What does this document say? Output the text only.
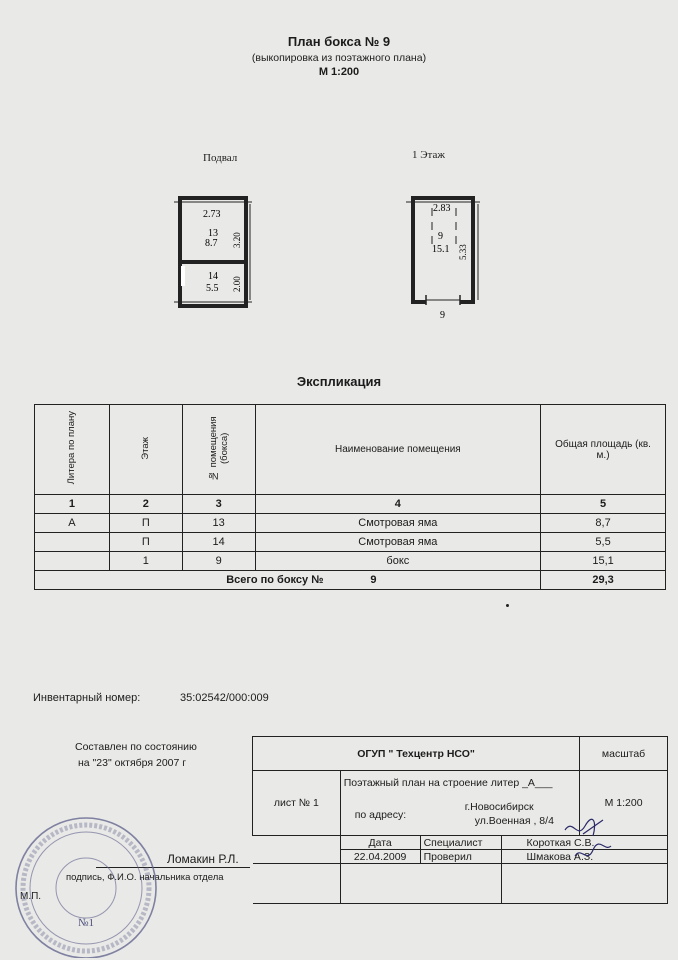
План бокса № 9
(выкопировка из поэтажного плана)
М 1:200
Подвал
2.73
13
8.7 3.20
14
5.5 2.00
1 Этаж
2.83
9
15.1 5.33
9
Экспликация
Литера по плану	Этаж	№ помещения (бокса)	Наименование помещения	Общая площадь (кв. м.)
1	2	3	4	5
А	П	13	Смотровая яма	8,7
	П	14	Смотровая яма	5,5
	1	9	бокс	15,1
		Всего по боксу № 9		29,3
Инвентарный номер:	35:02542/000:009
Составлен по состоянию
на "23" октября 2007 г
ОГУП " Техцентр НСО"				масштаб
лист № 1	Поэтажный план на строение литер _А___
по адресу:
г.Новосибирск
ул.Военная , 8/4			М 1:200
	Дата	Специалист	Короткая С.В.	
	22.04.2009	Проверил	Шмакова А.З.	

Ломакин Р.Л.
подпись, Ф.И.О. начальника отдела
М.П.
№1
